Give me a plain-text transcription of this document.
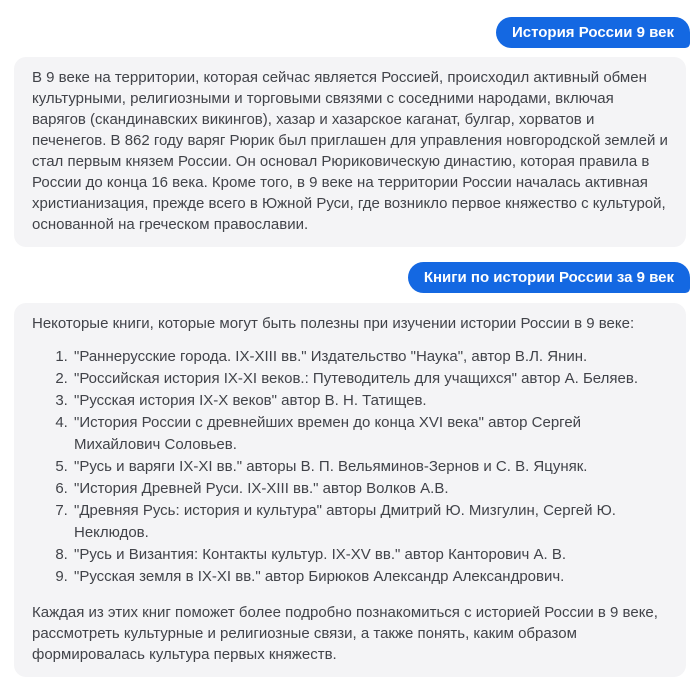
История России 9 век

В 9 веке на территории, которая сейчас является Россией, происходил активный обмен культурными, религиозными и торговыми связями с соседними народами, включая варягов (скандинавских викингов), хазар и хазарское каганат, булгар, хорватов и печенегов. В 862 году варяг Рюрик был приглашен для управления новгородской землей и стал первым князем России. Он основал Рюриковическую династию, которая правила в России до конца 16 века. Кроме того, в 9 веке на территории России началась активная христианизация, прежде всего в Южной Руси, где возникло первое княжество с культурой, основанной на греческом православии.

Книги по истории России за 9 век

Некоторые книги, которые могут быть полезны при изучении истории России в 9 веке:

1. "Раннерусские города. IX-XIII вв." Издательство "Наука", автор В.Л. Янин.
2. "Российская история IX-XI веков.: Путеводитель для учащихся" автор А. Беляев.
3. "Русская история IX-X веков" автор В. Н. Татищев.
4. "История России с древнейших времен до конца XVI века" автор Сергей Михайлович Соловьев.
5. "Русь и варяги IX-XI вв." авторы В. П. Вельяминов-Зернов и С. В. Яцуняк.
6. "История Древней Руси. IX-XIII вв." автор Волков А.В.
7. "Древняя Русь: история и культура" авторы Дмитрий Ю. Мизгулин, Сергей Ю. Неклюдов.
8. "Русь и Византия: Контакты культур. IX-XV вв." автор Канторович А. В.
9. "Русская земля в IX-XI вв." автор Бирюков Александр Александрович.

Каждая из этих книг поможет более подробно познакомиться с историей России в 9 веке, рассмотреть культурные и религиозные связи, а также понять, каким образом формировалась культура первых княжеств.
